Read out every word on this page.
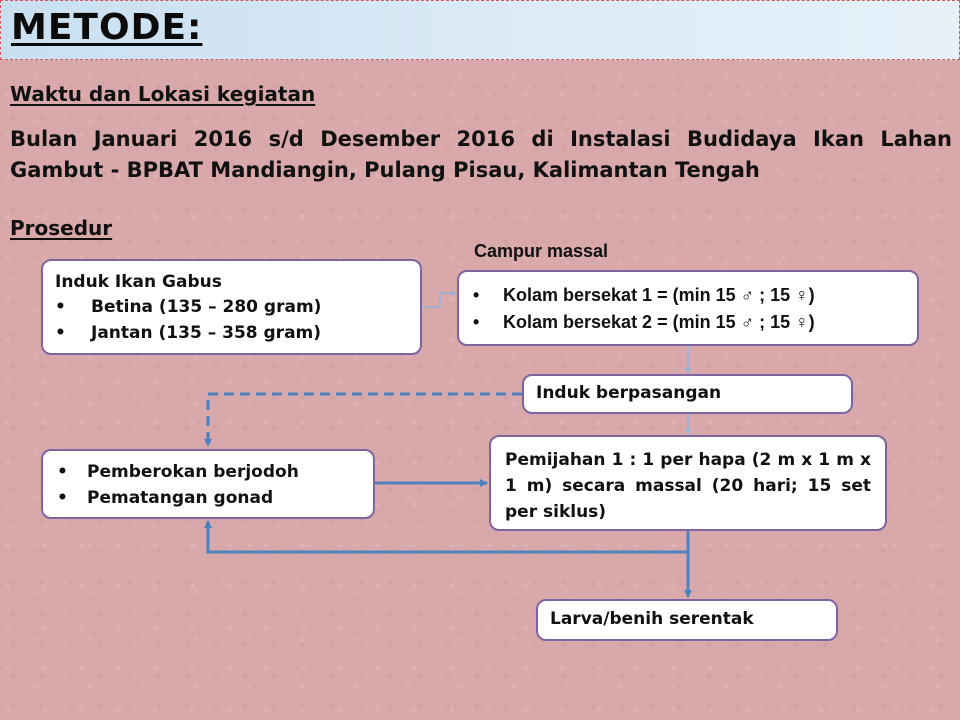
METODE:
Waktu dan Lokasi kegiatan
Bulan Januari 2016 s/d Desember 2016 di Instalasi Budidaya Ikan Lahan Gambut - BPBAT Mandiangin, Pulang Pisau, Kalimantan Tengah
Prosedur
Campur massal
Induk Ikan Gabus
• Betina (135 – 280 gram)
• Jantan (135 – 358 gram)
• Kolam bersekat 1 = (min 15 ♂ ; 15 ♀)
• Kolam bersekat 2 = (min 15 ♂ ; 15 ♀)
Induk berpasangan
• Pemberokan berjodoh
• Pematangan gonad
Pemijahan 1 : 1 per hapa (2 m x 1 m x 1 m) secara massal (20 hari; 15 set per siklus)
Larva/benih serentak
